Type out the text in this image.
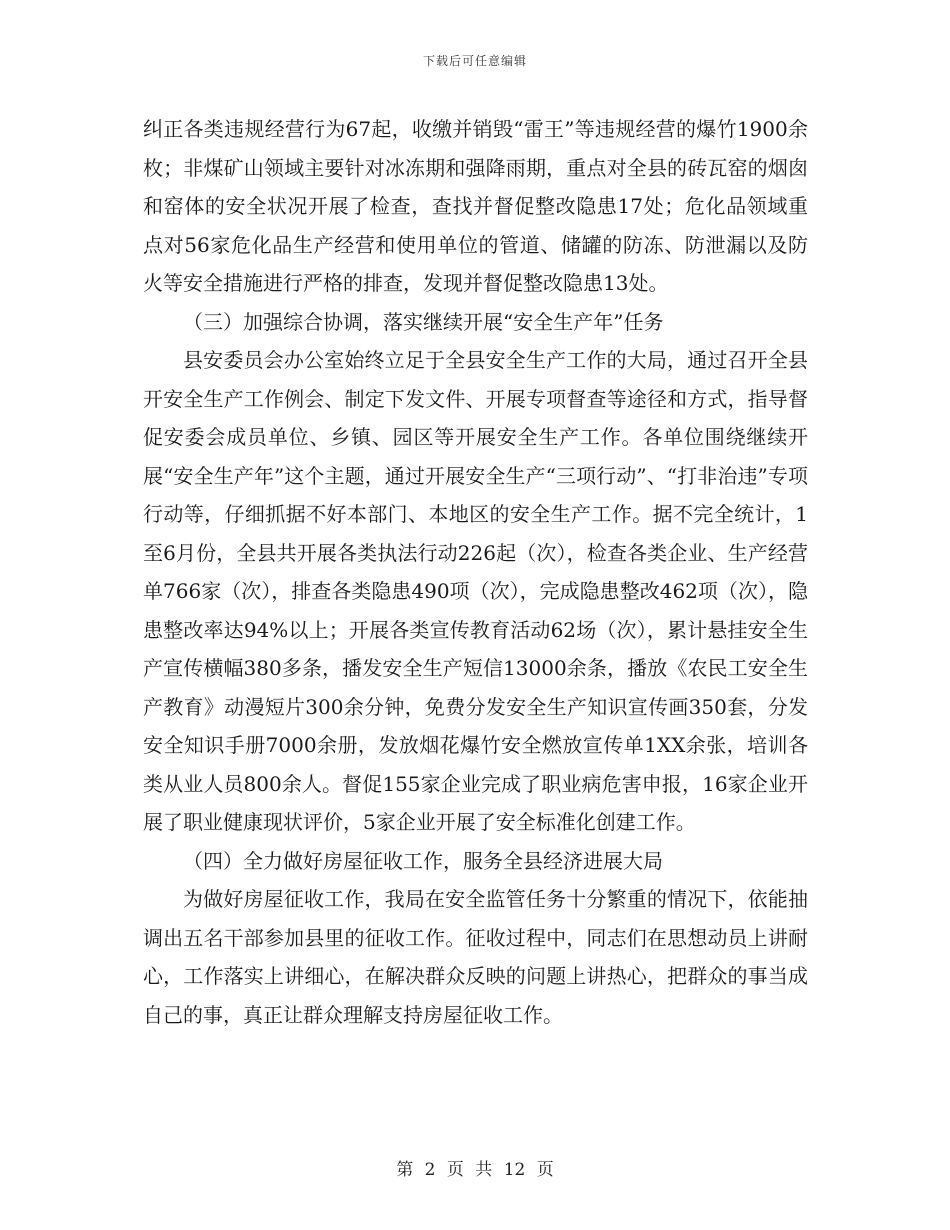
下载后可任意编辑

纠正各类违规经营行为67起，收缴并销毁“雷王”等违规经营的爆竹1900余枚；非煤矿山领域主要针对冰冻期和强降雨期，重点对全县的砖瓦窑的烟囱和窑体的安全状况开展了检查，查找并督促整改隐患17处；危化品领域重点对56家危化品生产经营和使用单位的管道、储罐的防冻、防泄漏以及防火等安全措施进行严格的排查，发现并督促整改隐患13处。

（三）加强综合协调，落实继续开展“安全生产年”任务

县安委员会办公室始终立足于全县安全生产工作的大局，通过召开全县开安全生产工作例会、制定下发文件、开展专项督查等途径和方式，指导督促安委会成员单位、乡镇、园区等开展安全生产工作。各单位围绕继续开展“安全生产年”这个主题，通过开展安全生产“三项行动”、“打非治违”专项行动等，仔细抓据不好本部门、本地区的安全生产工作。据不完全统计，1至6月份，全县共开展各类执法行动226起（次），检查各类企业、生产经营单766家（次），排查各类隐患490项（次），完成隐患整改462项（次），隐患整改率达94%以上；开展各类宣传教育活动62场（次），累计悬挂安全生产宣传横幅380多条，播发安全生产短信13000余条，播放《农民工安全生产教育》动漫短片300余分钟，免费分发安全生产知识宣传画350套，分发安全知识手册7000余册，发放烟花爆竹安全燃放宣传单1XX余张，培训各类从业人员800余人。督促155家企业完成了职业病危害申报，16家企业开展了职业健康现状评价，5家企业开展了安全标准化创建工作。

（四）全力做好房屋征收工作，服务全县经济进展大局

为做好房屋征收工作，我局在安全监管任务十分繁重的情况下，依能抽调出五名干部参加县里的征收工作。征收过程中，同志们在思想动员上讲耐心，工作落实上讲细心，在解决群众反映的问题上讲热心，把群众的事当成自己的事，真正让群众理解支持房屋征收工作。

第 2 页 共 12 页
